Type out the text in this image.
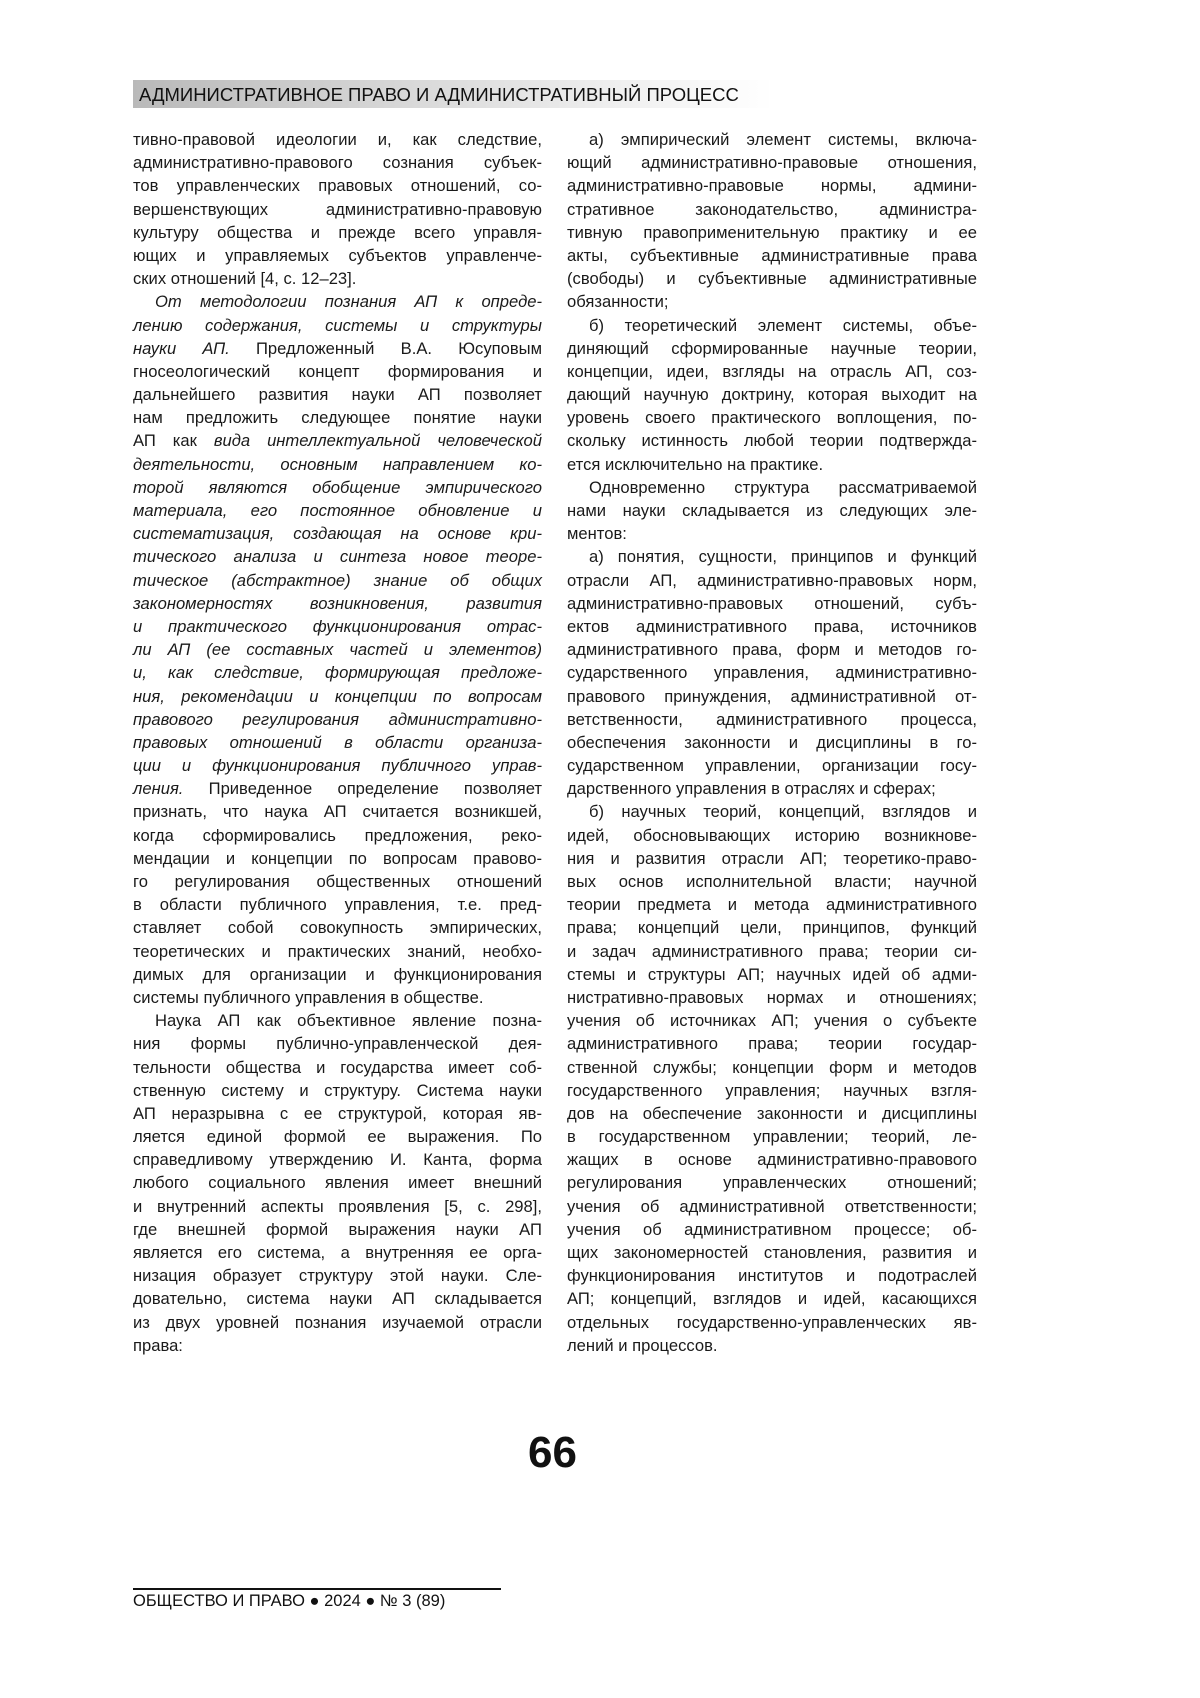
АДМИНИСТРАТИВНОЕ ПРАВО И АДМИНИСТРАТИВНЫЙ ПРОЦЕСС
тивно-правовой идеологии и, как следствие,
административно-правового сознания субъек-
тов управленческих правовых отношений, со-
вершенствующих административно-правовую
культуру общества и прежде всего управля-
ющих и управляемых субъектов управленче-
ских отношений [4, с. 12–23].
От методологии познания АП к опреде-
лению содержания, системы и структуры
науки АП. Предложенный В.А. Юсуповым
гносеологический концепт формирования и
дальнейшего развития науки АП позволяет
нам предложить следующее понятие науки
АП как вида интеллектуальной человеческой
деятельности, основным направлением ко-
торой являются обобщение эмпирического
материала, его постоянное обновление и
систематизация, создающая на основе кри-
тического анализа и синтеза новое теоре-
тическое (абстрактное) знание об общих
закономерностях возникновения, развития
и практического функционирования отрас-
ли АП (ее составных частей и элементов)
и, как следствие, формирующая предложе-
ния, рекомендации и концепции по вопросам
правового регулирования административно-
правовых отношений в области организа-
ции и функционирования публичного управ-
ления. Приведенное определение позволяет
признать, что наука АП считается возникшей,
когда сформировались предложения, реко-
мендации и концепции по вопросам правово-
го регулирования общественных отношений
в области публичного управления, т.е. пред-
ставляет собой совокупность эмпирических,
теоретических и практических знаний, необхо-
димых для организации и функционирования
системы публичного управления в обществе.
Наука АП как объективное явление позна-
ния формы публично-управленческой дея-
тельности общества и государства имеет соб-
ственную систему и структуру. Система науки
АП неразрывна с ее структурой, которая яв-
ляется единой формой ее выражения. По
справедливому утверждению И. Канта, форма
любого социального явления имеет внешний
и внутренний аспекты проявления [5, с. 298],
где внешней формой выражения науки АП
является его система, а внутренняя ее орга-
низация образует структуру этой науки. Сле-
довательно, система науки АП складывается
из двух уровней познания изучаемой отрасли
права:
а) эмпирический элемент системы, включа-
ющий административно-правовые отношения,
административно-правовые нормы, админи-
стративное законодательство, администра-
тивную правоприменительную практику и ее
акты, субъективные административные права
(свободы) и субъективные административные
обязанности;
б) теоретический элемент системы, объе-
диняющий сформированные научные теории,
концепции, идеи, взгляды на отрасль АП, соз-
дающий научную доктрину, которая выходит на
уровень своего практического воплощения, по-
скольку истинность любой теории подтвержда-
ется исключительно на практике.
Одновременно структура рассматриваемой
нами науки складывается из следующих эле-
ментов:
а) понятия, сущности, принципов и функций
отрасли АП, административно-правовых норм,
административно-правовых отношений, субъ-
ектов административного права, источников
административного права, форм и методов го-
сударственного управления, административно-
правового принуждения, административной от-
ветственности, административного процесса,
обеспечения законности и дисциплины в го-
сударственном управлении, организации госу-
дарственного управления в отраслях и сферах;
б) научных теорий, концепций, взглядов и
идей, обосновывающих историю возникнове-
ния и развития отрасли АП; теоретико-право-
вых основ исполнительной власти; научной
теории предмета и метода административного
права; концепций цели, принципов, функций
и задач административного права; теории си-
стемы и структуры АП; научных идей об адми-
нистративно-правовых нормах и отношениях;
учения об источниках АП; учения о субъекте
административного права; теории государ-
ственной службы; концепции форм и методов
государственного управления; научных взгля-
дов на обеспечение законности и дисциплины
в государственном управлении; теорий, ле-
жащих в основе административно-правового
регулирования управленческих отношений;
учения об административной ответственности;
учения об административном процессе; об-
щих закономерностей становления, развития и
функционирования институтов и подотраслей
АП; концепций, взглядов и идей, касающихся
отдельных государственно-управленческих яв-
лений и процессов.
66
ОБЩЕСТВО И ПРАВО ● 2024 ● № 3 (89)
